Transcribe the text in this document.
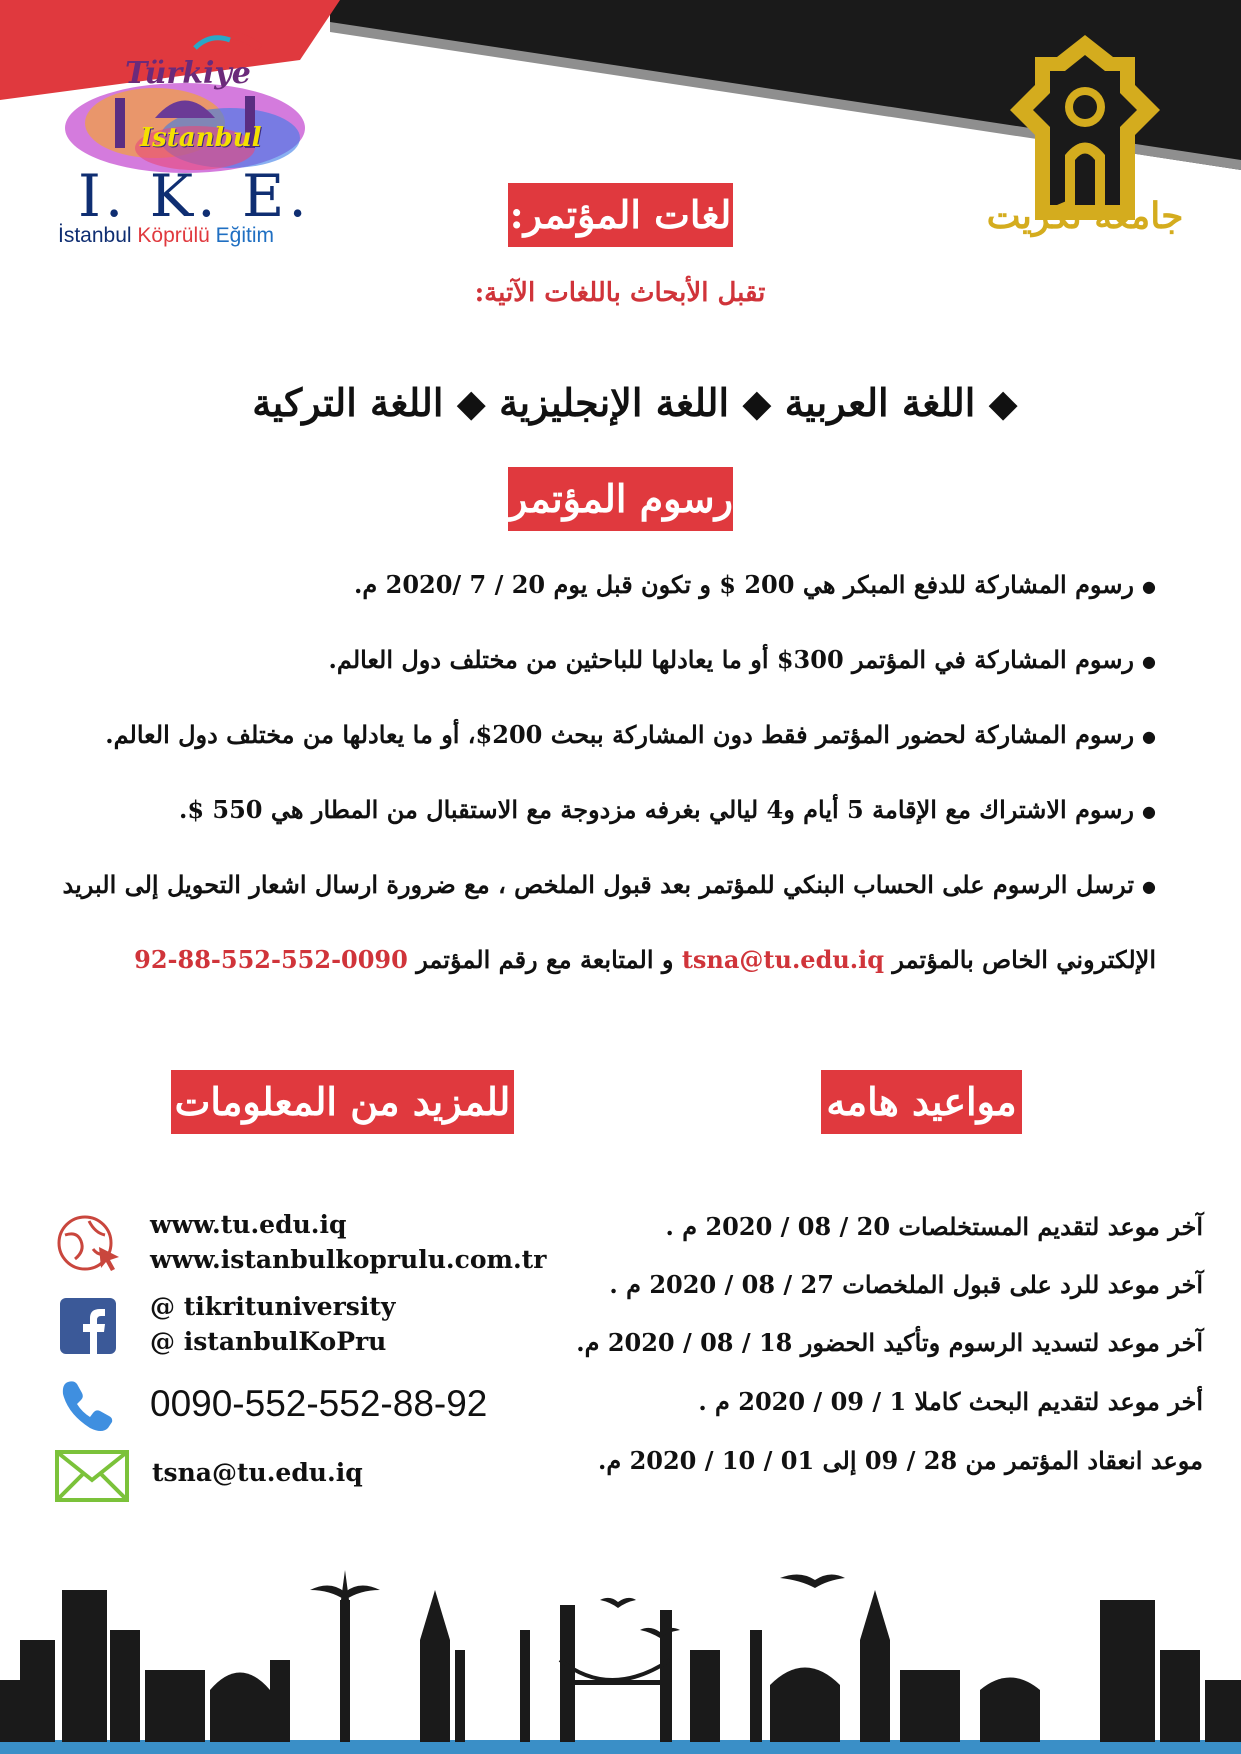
Türkiye
Istanbul
I. K. E.
İstanbul Köprülü Eğitim	جامعة تكريت
لغات المؤتمر:
تقبل الأبحاث باللغات الآتية:
◆ اللغة العربية ◆ اللغة الإنجليزية ◆ اللغة التركية
رسوم المؤتمر:
● رسوم المشاركة للدفع المبكر هي 200 $ و تكون قبل يوم 20 / 7 /2020 م.
● رسوم المشاركة في المؤتمر 300$ أو ما يعادلها للباحثين من مختلف دول العالم.
● رسوم المشاركة لحضور المؤتمر فقط دون المشاركة ببحث 200$، أو ما يعادلها من مختلف دول العالم.
● رسوم الاشتراك مع الإقامة 5 أيام و4 ليالي بغرفه مزدوجة مع الاستقبال من المطار هي 550 $.
● ترسل الرسوم على الحساب البنكي للمؤتمر بعد قبول الملخص ، مع ضرورة ارسال اشعار التحويل إلى البريد
الإلكتروني الخاص بالمؤتمر tsna@tu.edu.iq و المتابعة مع رقم المؤتمر 0090-552-552-88-92
مواعيد هامه
آخر موعد لتقديم المستخلصات 20 / 08 / 2020 م .
آخر موعد للرد على قبول الملخصات 27 / 08 / 2020 م .
آخر موعد لتسديد الرسوم وتأكيد الحضور 18 / 08 / 2020 م.
أخر موعد لتقديم البحث كاملا 1 / 09 / 2020 م .
موعد انعقاد المؤتمر من 28 / 09 إلى 01 / 10 / 2020 م.
للمزيد من المعلومات
www.tu.edu.iq
www.istanbulkoprulu.com.tr
@ tikrituniversity
@ istanbulKoPru
0090-552-552-88-92
tsna@tu.edu.iq
